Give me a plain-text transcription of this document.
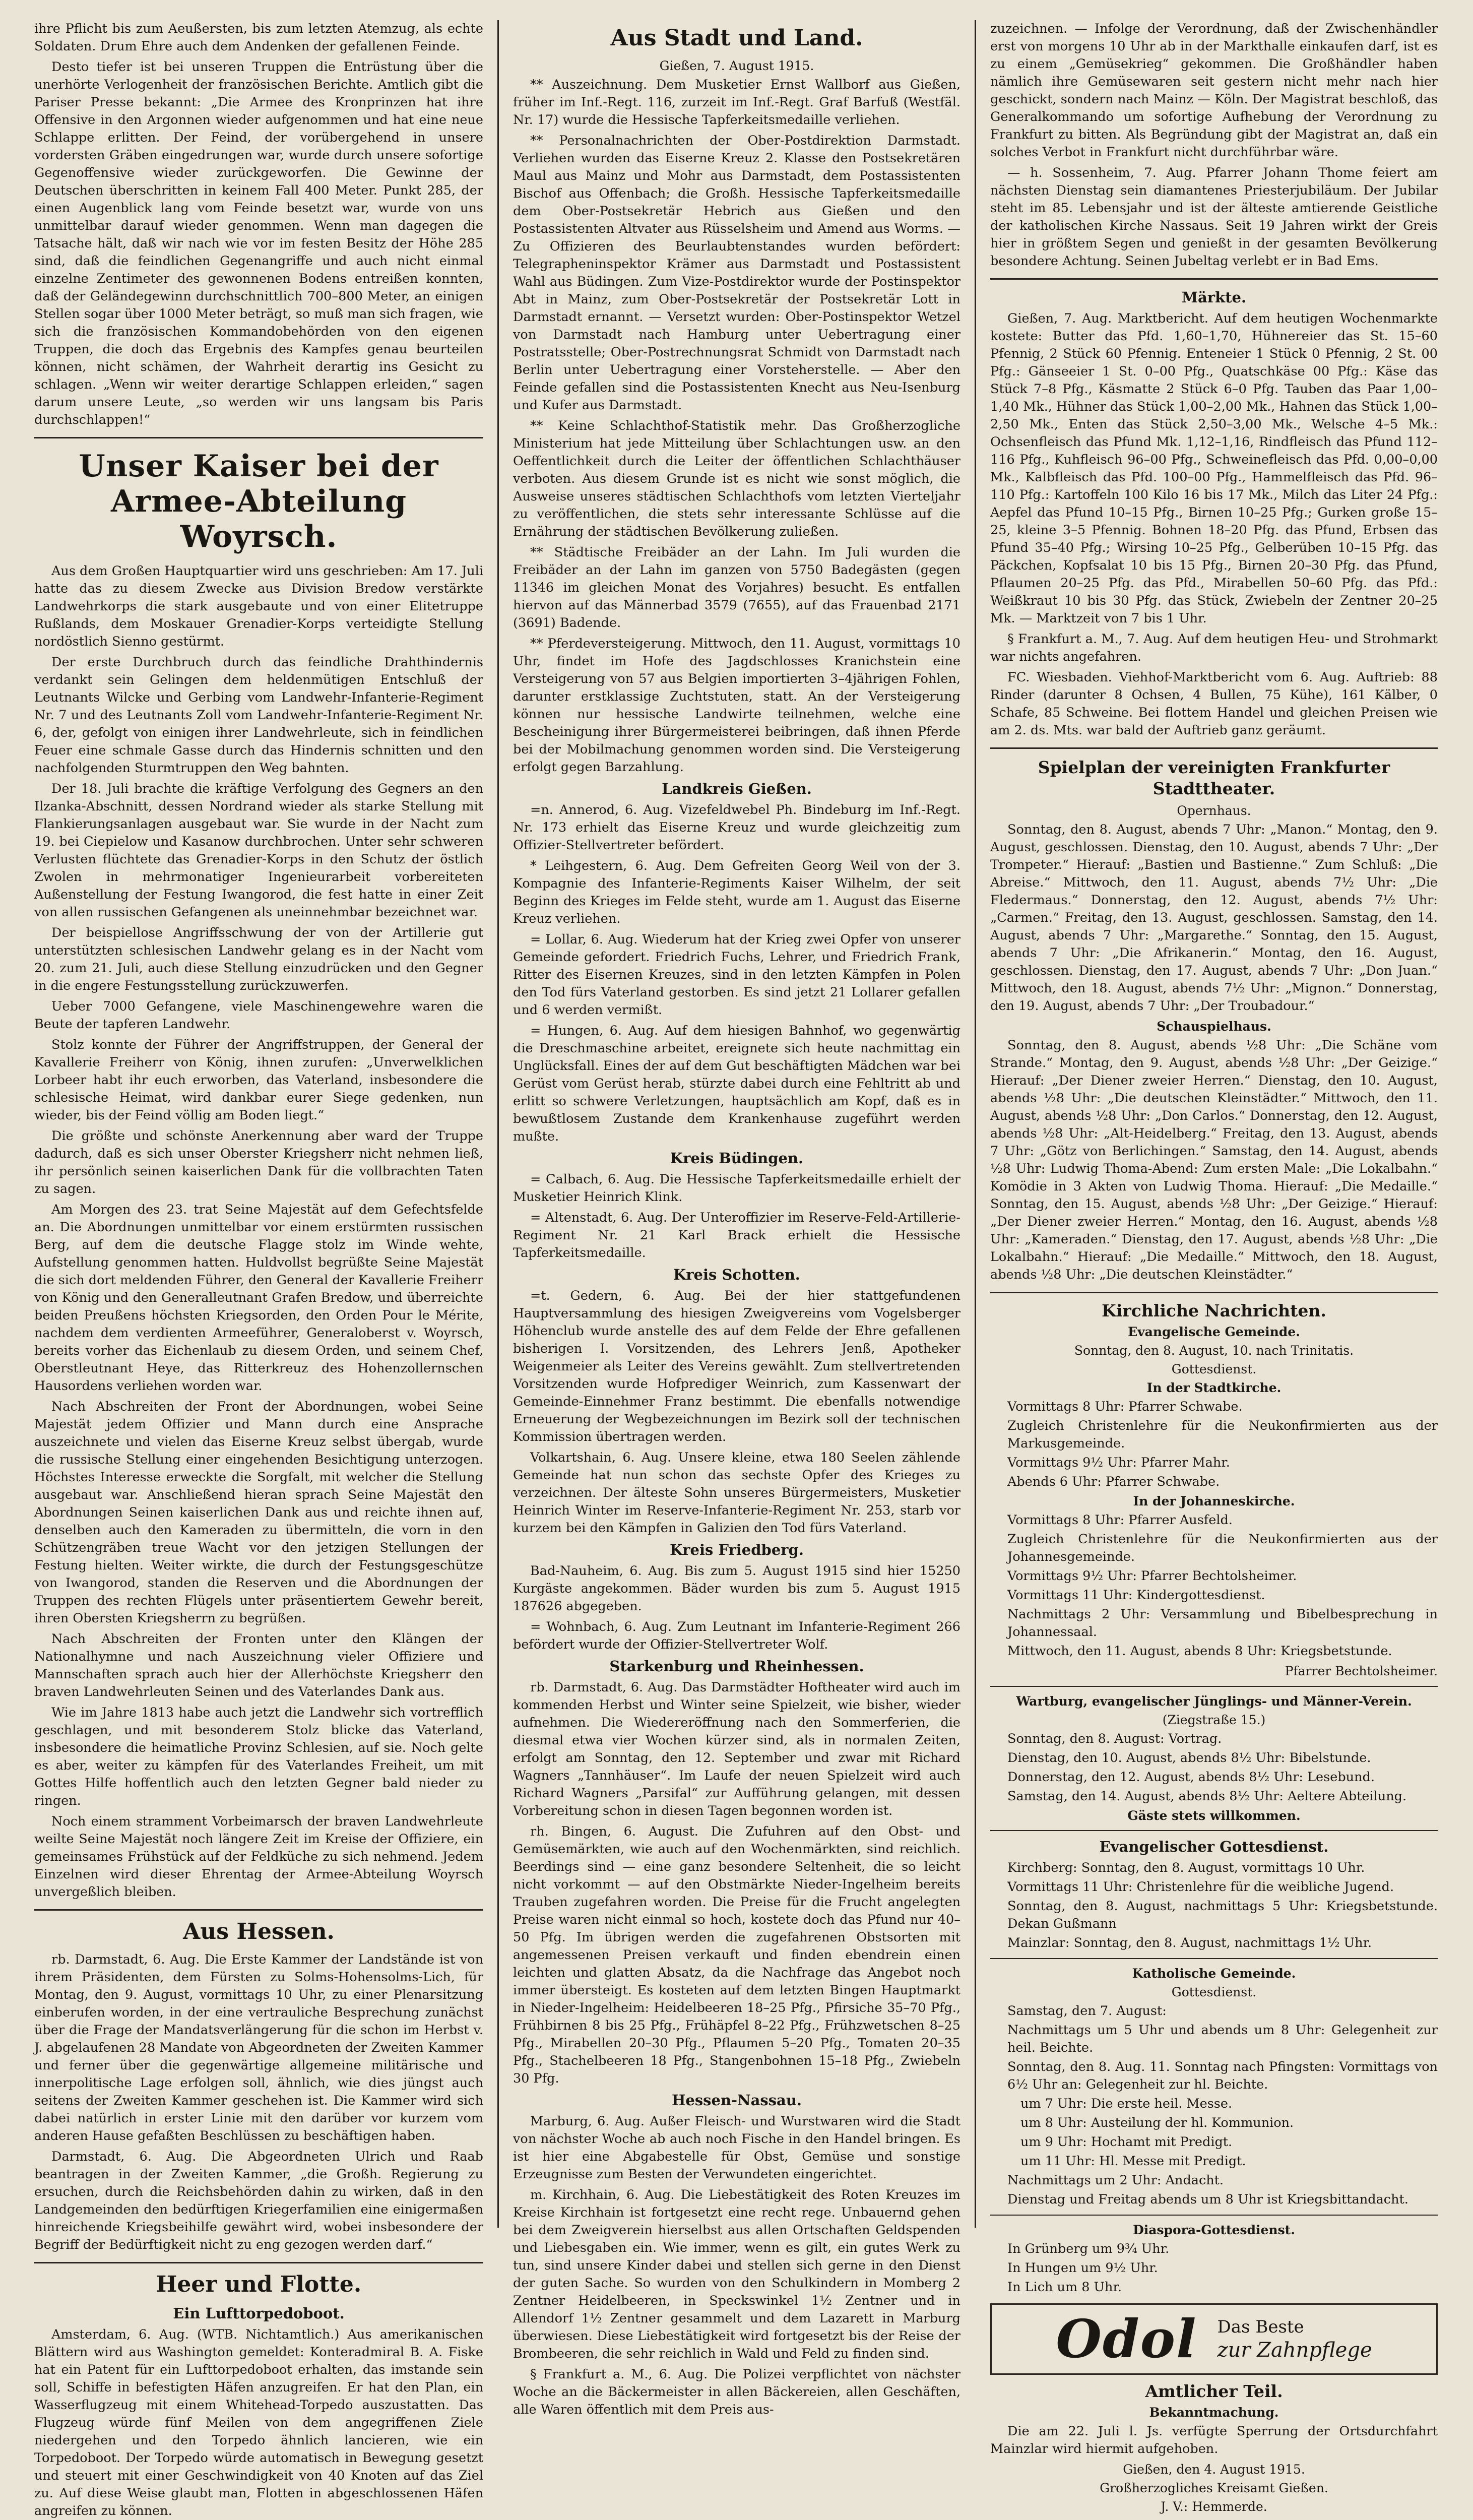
ihre Pflicht bis zum Aeußersten, bis zum letzten Atemzug, als echte Soldaten. Drum Ehre auch dem Andenken der gefallenen Feinde.

Desto tiefer ist bei unseren Truppen die Entrüstung über die unerhörte Verlogenheit der französischen Berichte. Amtlich gibt die Pariser Presse bekannt: „Die Armee des Kronprinzen hat ihre Offensive in den Argonnen wieder aufgenommen und hat eine neue Schlappe erlitten. Der Feind, der vorübergehend in unsere vordersten Gräben eingedrungen war, wurde durch unsere sofortige Gegenoffensive wieder zurückgeworfen. Die Gewinne der Deutschen überschritten in keinem Fall 400 Meter. Punkt 285, der einen Augenblick lang vom Feinde besetzt war, wurde von uns unmittelbar darauf wieder genommen. Wenn man dagegen die Tatsache hält, daß wir nach wie vor im festen Besitz der Höhe 285 sind, daß die feindlichen Gegenangriffe und auch nicht einmal einzelne Zentimeter des gewonnenen Bodens entreißen konnten, daß der Geländegewinn durchschnittlich 700–800 Meter, an einigen Stellen sogar über 1000 Meter beträgt, so muß man sich fragen, wie sich die französischen Kommandobehörden von den eigenen Truppen, die doch das Ergebnis des Kampfes genau beurteilen können, nicht schämen, der Wahrheit derartig ins Gesicht zu schlagen. „Wenn wir weiter derartige Schlappen erleiden,“ sagen darum unsere Leute, „so werden wir uns langsam bis Paris durchschlappen!“

Unser Kaiser bei der Armee-Abteilung Woyrsch.

Aus dem Großen Hauptquartier wird uns geschrieben: Am 17. Juli hatte das zu diesem Zwecke aus Division Bredow verstärkte Landwehrkorps die stark ausgebaute und von einer Elitetruppe Rußlands, dem Moskauer Grenadier-Korps verteidigte Stellung nordöstlich Sienno gestürmt.

Der erste Durchbruch durch das feindliche Drahthindernis verdankt sein Gelingen dem heldenmütigen Entschluß der Leutnants Wilcke und Gerbing vom Landwehr-Infanterie-Regiment Nr. 7 und des Leutnants Zoll vom Landwehr-Infanterie-Regiment Nr. 6, der, gefolgt von einigen ihrer Landwehrleute, sich in feindlichen Feuer eine schmale Gasse durch das Hindernis schnitten und den nachfolgenden Sturmtruppen den Weg bahnten.

Der 18. Juli brachte die kräftige Verfolgung des Gegners an den Ilzanka-Abschnitt, dessen Nordrand wieder als starke Stellung mit Flankierungsanlagen ausgebaut war. Sie wurde in der Nacht zum 19. bei Ciepielow und Kasanow durchbrochen. Unter sehr schweren Verlusten flüchtete das Grenadier-Korps in den Schutz der östlich Zwolen in mehrmonatiger Ingenieurarbeit vorbereiteten Außenstellung der Festung Iwangorod, die fest hatte in einer Zeit von allen russischen Gefangenen als uneinnehmbar bezeichnet war.

Der beispiellose Angriffsschwung der von der Artillerie gut unterstützten schlesischen Landwehr gelang es in der Nacht vom 20. zum 21. Juli, auch diese Stellung einzudrücken und den Gegner in die engere Festungsstellung zurückzuwerfen.

Ueber 7000 Gefangene, viele Maschinengewehre waren die Beute der tapferen Landwehr.

Stolz konnte der Führer der Angriffstruppen, der General der Kavallerie Freiherr von König, ihnen zurufen: „Unverwelklichen Lorbeer habt ihr euch erworben, das Vaterland, insbesondere die schlesische Heimat, wird dankbar eurer Siege gedenken, nun wieder, bis der Feind völlig am Boden liegt.“

Die größte und schönste Anerkennung aber ward der Truppe dadurch, daß es sich unser Oberster Kriegsherr nicht nehmen ließ, ihr persönlich seinen kaiserlichen Dank für die vollbrachten Taten zu sagen.

Am Morgen des 23. trat Seine Majestät auf dem Gefechtsfelde an. Die Abordnungen unmittelbar vor einem erstürmten russischen Berg, auf dem die deutsche Flagge stolz im Winde wehte, Aufstellung genommen hatten. Huldvollst begrüßte Seine Majestät die sich dort meldenden Führer, den General der Kavallerie Freiherr von König und den Generalleutnant Grafen Bredow, und überreichte beiden Preußens höchsten Kriegsorden, den Orden Pour le Mérite, nachdem dem verdienten Armeeführer, Generaloberst v. Woyrsch, bereits vorher das Eichenlaub zu diesem Orden, und seinem Chef, Oberstleutnant Heye, das Ritterkreuz des Hohenzollernschen Hausordens verliehen worden war.

Nach Abschreiten der Front der Abordnungen, wobei Seine Majestät jedem Offizier und Mann durch eine Ansprache auszeichnete und vielen das Eiserne Kreuz selbst übergab, wurde die russische Stellung einer eingehenden Besichtigung unterzogen. Höchstes Interesse erweckte die Sorgfalt, mit welcher die Stellung ausgebaut war. Anschließend hieran sprach Seine Majestät den Abordnungen Seinen kaiserlichen Dank aus und reichte ihnen auf, denselben auch den Kameraden zu übermitteln, die vorn in den Schützengräben treue Wacht vor den jetzigen Stellungen der Festung hielten. Weiter wirkte, die durch der Festungsgeschütze von Iwangorod, standen die Reserven und die Abordnungen der Truppen des rechten Flügels unter präsentiertem Gewehr bereit, ihren Obersten Kriegsherrn zu begrüßen.

Nach Abschreiten der Fronten unter den Klängen der Nationalhymne und nach Auszeichnung vieler Offiziere und Mannschaften sprach auch hier der Allerhöchste Kriegsherr den braven Landwehrleuten Seinen und des Vaterlandes Dank aus.

Wie im Jahre 1813 habe auch jetzt die Landwehr sich vortrefflich geschlagen, und mit besonderem Stolz blicke das Vaterland, insbesondere die heimatliche Provinz Schlesien, auf sie. Noch gelte es aber, weiter zu kämpfen für des Vaterlandes Freiheit, um mit Gottes Hilfe hoffentlich auch den letzten Gegner bald nieder zu ringen.

Noch einem stramment Vorbeimarsch der braven Landwehrleute weilte Seine Majestät noch längere Zeit im Kreise der Offiziere, ein gemeinsames Frühstück auf der Feldküche zu sich nehmend. Jedem Einzelnen wird dieser Ehrentag der Armee-Abteilung Woyrsch unvergeßlich bleiben.

Aus Hessen.

rb. Darmstadt, 6. Aug. Die Erste Kammer der Landstände ist von ihrem Präsidenten, dem Fürsten zu Solms-Hohensolms-Lich, für Montag, den 9. August, vormittags 10 Uhr, zu einer Plenarsitzung einberufen worden, in der eine vertrauliche Besprechung zunächst über die Frage der Mandatsverlängerung für die schon im Herbst v. J. abgelaufenen 28 Mandate von Abgeordneten der Zweiten Kammer und ferner über die gegenwärtige allgemeine militärische und innerpolitische Lage erfolgen soll, ähnlich, wie dies jüngst auch seitens der Zweiten Kammer geschehen ist. Die Kammer wird sich dabei natürlich in erster Linie mit den darüber vor kurzem vom anderen Hause gefaßten Beschlüssen zu beschäftigen haben.

Darmstadt, 6. Aug. Die Abgeordneten Ulrich und Raab beantragen in der Zweiten Kammer, „die Großh. Regierung zu ersuchen, durch die Reichsbehörden dahin zu wirken, daß in den Landgemeinden den bedürftigen Kriegerfamilien eine einigermaßen hinreichende Kriegsbeihilfe gewährt wird, wobei insbesondere der Begriff der Bedürftigkeit nicht zu eng gezogen werden darf.“

Heer und Flotte.
Ein Lufttorpedoboot.

Amsterdam, 6. Aug. (WTB. Nichtamtlich.) Aus amerikanischen Blättern wird aus Washington gemeldet: Konteradmiral B. A. Fiske hat ein Patent für ein Lufttorpedoboot erhalten, das imstande sein soll, Schiffe in befestigten Häfen anzugreifen. Er hat den Plan, ein Wasserflugzeug mit einem Whitehead-Torpedo auszustatten. Das Flugzeug würde fünf Meilen von dem angegriffenen Ziele niedergehen und den Torpedo ähnlich lancieren, wie ein Torpedoboot. Der Torpedo würde automatisch in Bewegung gesetzt und steuert mit einer Geschwindigkeit von 40 Knoten auf das Ziel zu. Auf diese Weise glaubt man, Flotten in abgeschlossenen Häfen angreifen zu können.

Aus Stadt und Land.
Gießen, 7. August 1915.

** Auszeichnung. Dem Musketier Ernst Wallborf aus Gießen, früher im Inf.-Regt. 116, zurzeit im Inf.-Regt. Graf Barfuß (Westfäl. Nr. 17) wurde die Hessische Tapferkeitsmedaille verliehen.

** Personalnachrichten der Ober-Postdirektion Darmstadt. Verliehen wurden das Eiserne Kreuz 2. Klasse den Postsekretären Maul aus Mainz und Mohr aus Darmstadt, dem Postassistenten Bischof aus Offenbach; die Großh. Hessische Tapferkeitsmedaille dem Ober-Postsekretär Hebrich aus Gießen und den Postassistenten Altvater aus Rüsselsheim und Amend aus Worms. — Zu Offizieren des Beurlaubtenstandes wurden befördert: Telegrapheninspektor Krämer aus Darmstadt und Postassistent Wahl aus Büdingen. Zum Vize-Postdirektor wurde der Postinspektor Abt in Mainz, zum Ober-Postsekretär der Postsekretär Lott in Darmstadt ernannt. — Versetzt wurden: Ober-Postinspektor Wetzel von Darmstadt nach Hamburg unter Uebertragung einer Postratsstelle; Ober-Postrechnungsrat Schmidt von Darmstadt nach Berlin unter Uebertragung einer Vorsteherstelle. — Aber den Feinde gefallen sind die Postassistenten Knecht aus Neu-Isenburg und Kufer aus Darmstadt.

** Keine Schlachthof-Statistik mehr. Das Großherzogliche Ministerium hat jede Mitteilung über Schlachtungen usw. an den Oeffentlichkeit durch die Leiter der öffentlichen Schlachthäuser verboten. Aus diesem Grunde ist es nicht wie sonst möglich, die Ausweise unseres städtischen Schlachthofs vom letzten Vierteljahr zu veröffentlichen, die stets sehr interessante Schlüsse auf die Ernährung der städtischen Bevölkerung zuließen.

** Städtische Freibäder an der Lahn. Im Juli wurden die Freibäder an der Lahn im ganzen von 5750 Badegästen (gegen 11346 im gleichen Monat des Vorjahres) besucht. Es entfallen hiervon auf das Männerbad 3579 (7655), auf das Frauenbad 2171 (3691) Badende.

** Pferdeversteigerung. Mittwoch, den 11. August, vormittags 10 Uhr, findet im Hofe des Jagdschlosses Kranichstein eine Versteigerung von 57 aus Belgien importierten 3–4jährigen Fohlen, darunter erstklassige Zuchtstuten, statt. An der Versteigerung können nur hessische Landwirte teilnehmen, welche eine Bescheinigung ihrer Bürgermeisterei beibringen, daß ihnen Pferde bei der Mobilmachung genommen worden sind. Die Versteigerung erfolgt gegen Barzahlung.

Landkreis Gießen.

=n. Annerod, 6. Aug. Vizefeldwebel Ph. Bindeburg im Inf.-Regt. Nr. 173 erhielt das Eiserne Kreuz und wurde gleichzeitig zum Offizier-Stellvertreter befördert.

* Leihgestern, 6. Aug. Dem Gefreiten Georg Weil von der 3. Kompagnie des Infanterie-Regiments Kaiser Wilhelm, der seit Beginn des Krieges im Felde steht, wurde am 1. August das Eiserne Kreuz verliehen.

= Lollar, 6. Aug. Wiederum hat der Krieg zwei Opfer von unserer Gemeinde gefordert. Friedrich Fuchs, Lehrer, und Friedrich Frank, Ritter des Eisernen Kreuzes, sind in den letzten Kämpfen in Polen den Tod fürs Vaterland gestorben. Es sind jetzt 21 Lollarer gefallen und 6 werden vermißt.

= Hungen, 6. Aug. Auf dem hiesigen Bahnhof, wo gegenwärtig die Dreschmaschine arbeitet, ereignete sich heute nachmittag ein Unglücksfall. Eines der auf dem Gut beschäftigten Mädchen war bei Gerüst vom Gerüst herab, stürzte dabei durch eine Fehltritt ab und erlitt so schwere Verletzungen, hauptsächlich am Kopf, daß es in bewußtlosem Zustande dem Krankenhause zugeführt werden mußte.

Kreis Büdingen.

= Calbach, 6. Aug. Die Hessische Tapferkeitsmedaille erhielt der Musketier Heinrich Klink.

= Altenstadt, 6. Aug. Der Unteroffizier im Reserve-Feld-Artillerie-Regiment Nr. 21 Karl Brack erhielt die Hessische Tapferkeitsmedaille.

Kreis Schotten.

=t. Gedern, 6. Aug. Bei der hier stattgefundenen Hauptversammlung des hiesigen Zweigvereins vom Vogelsberger Höhenclub wurde anstelle des auf dem Felde der Ehre gefallenen bisherigen I. Vorsitzenden, des Lehrers Jenß, Apotheker Weigenmeier als Leiter des Vereins gewählt. Zum stellvertretenden Vorsitzenden wurde Hofprediger Weinrich, zum Kassenwart der Gemeinde-Einnehmer Franz bestimmt. Die ebenfalls notwendige Erneuerung der Wegbezeichnungen im Bezirk soll der technischen Kommission übertragen werden.

Volkartshain, 6. Aug. Unsere kleine, etwa 180 Seelen zählende Gemeinde hat nun schon das sechste Opfer des Krieges zu verzeichnen. Der älteste Sohn unseres Bürgermeisters, Musketier Heinrich Winter im Reserve-Infanterie-Regiment Nr. 253, starb vor kurzem bei den Kämpfen in Galizien den Tod fürs Vaterland.

Kreis Friedberg.

Bad-Nauheim, 6. Aug. Bis zum 5. August 1915 sind hier 15250 Kurgäste angekommen. Bäder wurden bis zum 5. August 1915 187626 abgegeben.

= Wohnbach, 6. Aug. Zum Leutnant im Infanterie-Regiment 266 befördert wurde der Offizier-Stellvertreter Wolf.

Starkenburg und Rheinhessen.

rb. Darmstadt, 6. Aug. Das Darmstädter Hoftheater wird auch im kommenden Herbst und Winter seine Spielzeit, wie bisher, wieder aufnehmen. Die Wiedereröffnung nach den Sommerferien, die diesmal etwa vier Wochen kürzer sind, als in normalen Zeiten, erfolgt am Sonntag, den 12. September und zwar mit Richard Wagners „Tannhäuser“. Im Laufe der neuen Spielzeit wird auch Richard Wagners „Parsifal“ zur Aufführung gelangen, mit dessen Vorbereitung schon in diesen Tagen begonnen worden ist.

rh. Bingen, 6. August. Die Zufuhren auf den Obst- und Gemüsemärkten, wie auch auf den Wochenmärkten, sind reichlich. Beerdings sind — eine ganz besondere Seltenheit, die so leicht nicht vorkommt — auf den Obstmärkte Nieder-Ingelheim bereits Trauben zugefahren worden. Die Preise für die Frucht angelegten Preise waren nicht einmal so hoch, kostete doch das Pfund nur 40–50 Pfg. Im übrigen werden die zugefahrenen Obstsorten mit angemessenen Preisen verkauft und finden ebendrein einen leichten und glatten Absatz, da die Nachfrage das Angebot noch immer übersteigt. Es kosteten auf dem letzten Bingen Hauptmarkt in Nieder-Ingelheim: Heidelbeeren 18–25 Pfg., Pfirsiche 35–70 Pfg., Frühbirnen 8 bis 25 Pfg., Frühäpfel 8–22 Pfg., Frühzwetschen 8–25 Pfg., Mirabellen 20–30 Pfg., Pflaumen 5–20 Pfg., Tomaten 20–35 Pfg., Stachelbeeren 18 Pfg., Stangenbohnen 15–18 Pfg., Zwiebeln 30 Pfg.

Hessen-Nassau.

Marburg, 6. Aug. Außer Fleisch- und Wurstwaren wird die Stadt von nächster Woche ab auch noch Fische in den Handel bringen. Es ist hier eine Abgabestelle für Obst, Gemüse und sonstige Erzeugnisse zum Besten der Verwundeten eingerichtet.

m. Kirchhain, 6. Aug. Die Liebestätigkeit des Roten Kreuzes im Kreise Kirchhain ist fortgesetzt eine recht rege. Unbauernd gehen bei dem Zweigverein hierselbst aus allen Ortschaften Geldspenden und Liebesgaben ein. Wie immer, wenn es gilt, ein gutes Werk zu tun, sind unsere Kinder dabei und stellen sich gerne in den Dienst der guten Sache. So wurden von den Schulkindern in Momberg 2 Zentner Heidelbeeren, in Speckswinkel 1½ Zentner und in Allendorf 1½ Zentner gesammelt und dem Lazarett in Marburg überwiesen. Diese Liebestätigkeit wird fortgesetzt bis der Reise der Brombeeren, die sehr reichlich in Wald und Feld zu finden sind.

§ Frankfurt a. M., 6. Aug. Die Polizei verpflichtet von nächster Woche an die Bäckermeister in allen Bäckereien, allen Geschäften, alle Waren öffentlich mit dem Preis aus-

zuzeichnen. — Infolge der Verordnung, daß der Zwischenhändler erst von morgens 10 Uhr ab in der Markthalle einkaufen darf, ist es zu einem „Gemüsekrieg“ gekommen. Die Großhändler haben nämlich ihre Gemüsewaren seit gestern nicht mehr nach hier geschickt, sondern nach Mainz — Köln. Der Magistrat beschloß, das Generalkommando um sofortige Aufhebung der Verordnung zu Frankfurt zu bitten. Als Begründung gibt der Magistrat an, daß ein solches Verbot in Frankfurt nicht durchführbar wäre.

— h. Sossenheim, 7. Aug. Pfarrer Johann Thome feiert am nächsten Dienstag sein diamantenes Priesterjubiläum. Der Jubilar steht im 85. Lebensjahr und ist der älteste amtierende Geistliche der katholischen Kirche Nassaus. Seit 19 Jahren wirkt der Greis hier in größtem Segen und genießt in der gesamten Bevölkerung besondere Achtung. Seinen Jubeltag verlebt er in Bad Ems.

Märkte.

Gießen, 7. Aug. Marktbericht. Auf dem heutigen Wochenmarkte kostete: Butter das Pfd. 1,60–1,70, Hühnereier das St. 15–60 Pfennig, 2 Stück 60 Pfennig. Enteneier 1 Stück 0 Pfennig, 2 St. 00 Pfg.: Gänseeier 1 St. 0–00 Pfg., Quatschkäse 00 Pfg.: Käse das Stück 7–8 Pfg., Käsmatte 2 Stück 6–0 Pfg. Tauben das Paar 1,00–1,40 Mk., Hühner das Stück 1,00–2,00 Mk., Hahnen das Stück 1,00–2,50 Mk., Enten das Stück 2,50–3,00 Mk., Welsche 4–5 Mk.: Ochsenfleisch das Pfund Mk. 1,12–1,16, Rindfleisch das Pfund 112–116 Pfg., Kuhfleisch 96–00 Pfg., Schweinefleisch das Pfd. 0,00–0,00 Mk., Kalbfleisch das Pfd. 100–00 Pfg., Hammelfleisch das Pfd. 96–110 Pfg.: Kartoffeln 100 Kilo 16 bis 17 Mk., Milch das Liter 24 Pfg.: Aepfel das Pfund 10–15 Pfg., Birnen 10–25 Pfg.; Gurken große 15–25, kleine 3–5 Pfennig. Bohnen 18–20 Pfg. das Pfund, Erbsen das Pfund 35–40 Pfg.; Wirsing 10–25 Pfg., Gelberüben 10–15 Pfg. das Päckchen, Kopfsalat 10 bis 15 Pfg., Birnen 20–30 Pfg. das Pfund, Pflaumen 20–25 Pfg. das Pfd., Mirabellen 50–60 Pfg. das Pfd.: Weißkraut 10 bis 30 Pfg. das Stück, Zwiebeln der Zentner 20–25 Mk. — Marktzeit von 7 bis 1 Uhr.

§ Frankfurt a. M., 7. Aug. Auf dem heutigen Heu- und Strohmarkt war nichts angefahren.

FC. Wiesbaden. Viehhof-Marktbericht vom 6. Aug. Auftrieb: 88 Rinder (darunter 8 Ochsen, 4 Bullen, 75 Kühe), 161 Kälber, 0 Schafe, 85 Schweine. Bei flottem Handel und gleichen Preisen wie am 2. ds. Mts. war bald der Auftrieb ganz geräumt.

Spielplan der vereinigten Frankfurter Stadttheater.
Opernhaus.

Sonntag, den 8. August, abends 7 Uhr: „Manon.“ Montag, den 9. August, geschlossen. Dienstag, den 10. August, abends 7 Uhr: „Der Trompeter.“ Hierauf: „Bastien und Bastienne.“ Zum Schluß: „Die Abreise.“ Mittwoch, den 11. August, abends 7½ Uhr: „Die Fledermaus.“ Donnerstag, den 12. August, abends 7½ Uhr: „Carmen.“ Freitag, den 13. August, geschlossen. Samstag, den 14. August, abends 7 Uhr: „Margarethe.“ Sonntag, den 15. August, abends 7 Uhr: „Die Afrikanerin.“ Montag, den 16. August, geschlossen. Dienstag, den 17. August, abends 7 Uhr: „Don Juan.“ Mittwoch, den 18. August, abends 7½ Uhr: „Mignon.“ Donnerstag, den 19. August, abends 7 Uhr: „Der Troubadour.“

Schauspielhaus.

Sonntag, den 8. August, abends ½8 Uhr: „Die Schäne vom Strande.“ Montag, den 9. August, abends ½8 Uhr: „Der Geizige.“ Hierauf: „Der Diener zweier Herren.“ Dienstag, den 10. August, abends ½8 Uhr: „Die deutschen Kleinstädter.“ Mittwoch, den 11. August, abends ½8 Uhr: „Don Carlos.“ Donnerstag, den 12. August, abends ½8 Uhr: „Alt-Heidelberg.“ Freitag, den 13. August, abends 7 Uhr: „Götz von Berlichingen.“ Samstag, den 14. August, abends ½8 Uhr: Ludwig Thoma-Abend: Zum ersten Male: „Die Lokalbahn.“ Komödie in 3 Akten von Ludwig Thoma. Hierauf: „Die Medaille.“ Sonntag, den 15. August, abends ½8 Uhr: „Der Geizige.“ Hierauf: „Der Diener zweier Herren.“ Montag, den 16. August, abends ½8 Uhr: „Kameraden.“ Dienstag, den 17. August, abends ½8 Uhr: „Die Lokalbahn.“ Hierauf: „Die Medaille.“ Mittwoch, den 18. August, abends ½8 Uhr: „Die deutschen Kleinstädter.“

Kirchliche Nachrichten.
Evangelische Gemeinde.
Sonntag, den 8. August, 10. nach Trinitatis.
Gottesdienst.
In der Stadtkirche.

Vormittags 8 Uhr: Pfarrer Schwabe.

Zugleich Christenlehre für die Neukonfirmierten aus der Markusgemeinde.

Vormittags 9½ Uhr: Pfarrer Mahr.

Abends 6 Uhr: Pfarrer Schwabe.

In der Johanneskirche.

Vormittags 8 Uhr: Pfarrer Ausfeld.

Zugleich Christenlehre für die Neukonfirmierten aus der Johannesgemeinde.

Vormittags 9½ Uhr: Pfarrer Bechtolsheimer.

Vormittags 11 Uhr: Kindergottesdienst.

Nachmittags 2 Uhr: Versammlung und Bibelbesprechung in Johannessaal.

Mittwoch, den 11. August, abends 8 Uhr: Kriegsbetstunde.

Pfarrer Bechtolsheimer.
Wartburg, evangelischer Jünglings- und Männer-Verein.
(Ziegstraße 15.)

Sonntag, den 8. August: Vortrag.

Dienstag, den 10. August, abends 8½ Uhr: Bibelstunde.

Donnerstag, den 12. August, abends 8½ Uhr: Lesebund.

Samstag, den 14. August, abends 8½ Uhr: Aeltere Abteilung.

Gäste stets willkommen.
Evangelischer Gottesdienst.

Kirchberg: Sonntag, den 8. August, vormittags 10 Uhr.

Vormittags 11 Uhr: Christenlehre für die weibliche Jugend.

Sonntag, den 8. August, nachmittags 5 Uhr: Kriegsbetstunde. Dekan Gußmann

Mainzlar: Sonntag, den 8. August, nachmittags 1½ Uhr.

Katholische Gemeinde.
Gottesdienst.

Samstag, den 7. August:

Nachmittags um 5 Uhr und abends um 8 Uhr: Gelegenheit zur heil. Beichte.

Sonntag, den 8. Aug. 11. Sonntag nach Pfingsten: Vormittags von 6½ Uhr an: Gelegenheit zur hl. Beichte.

um 7 Uhr: Die erste heil. Messe.

um 8 Uhr: Austeilung der hl. Kommunion.

um 9 Uhr: Hochamt mit Predigt.

um 11 Uhr: Hl. Messe mit Predigt.

Nachmittags um 2 Uhr: Andacht.

Dienstag und Freitag abends um 8 Uhr ist Kriegsbittandacht.

Diaspora-Gottesdienst.

In Grünberg um 9¾ Uhr.

In Hungen um 9½ Uhr.

In Lich um 8 Uhr.

Odol Das Beste
zur Zahnpflege
Amtlicher Teil.
Bekanntmachung.

Die am 22. Juli l. Js. verfügte Sperrung der Ortsdurchfahrt Mainzlar wird hiermit aufgehoben.

Gießen, den 4. August 1915.
Großherzogliches Kreisamt Gießen.
J. V.: Hemmerde.
